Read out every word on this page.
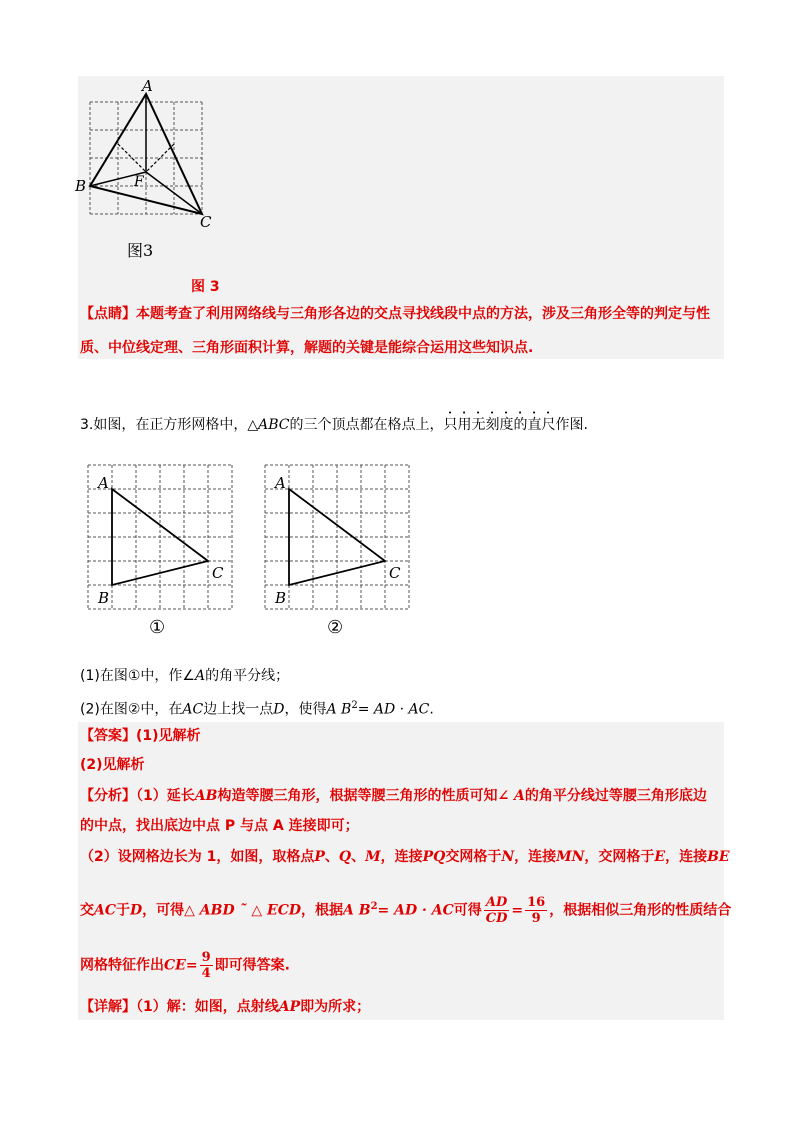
A
B
C
F
图3
图 3
【点睛】本题考查了利用网络线与三角形各边的交点寻找线段中点的方法，涉及三角形全等的判定与性
质、中位线定理、三角形面积计算，解题的关键是能综合运用这些知识点.
3.如图，在正方形网格中，△ABC的三个顶点都在格点上，只用无刻度的直尺作图.
A
B
C
①
A
B
C
②
(1)在图①中，作∠A的角平分线；
(2)在图②中，在AC边上找一点D，使得A $B^2=$ AD · AC.
【答案】(1)见解析
(2)见解析
【分析】（1）延长AB构造等腰三角形，根据等腰三角形的性质可知∠ A的角平分线过等腰三角形底边
的中点，找出底边中点 P 与点 A 连接即可；
（2）设网格边长为 1，如图，取格点P、Q、M，连接PQ交网格于N，连接MN，交网格于E，连接BE
交AC于D，可得△ ABD ˜ △ ECD，根据A $B^2=$ AD · AC可得 $\frac{AD}{CD} = \frac{16}{9}$ ，根据相似三角形的性质结合
网格特征作出$CE= \frac{9}{4}$ 即可得答案.
【详解】（1）解：如图，点射线AP即为所求；
